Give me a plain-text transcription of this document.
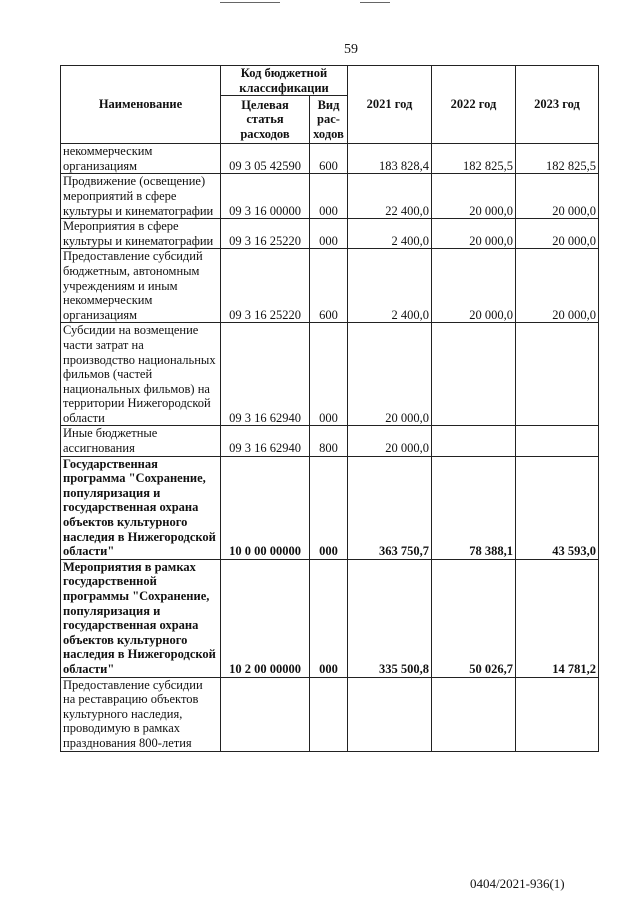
59
Наименование	Код бюджетной классификации		2021 год	2022 год	2023 год
	Целевая статья расходов	Вид рас-ходов			
некоммерческим организациям	09 3 05 42590	600	183 828,4	182 825,5	182 825,5
Продвижение (освещение) мероприятий в сфере культуры и кинематографии	09 3 16 00000	000	22 400,0	20 000,0	20 000,0
Мероприятия в сфере культуры и кинематографии	09 3 16 25220	000	2 400,0	20 000,0	20 000,0
Предоставление субсидий бюджетным, автономным учреждениям и иным некоммерческим организациям	09 3 16 25220	600	2 400,0	20 000,0	20 000,0
Субсидии на возмещение части затрат на производство национальных фильмов (частей национальных фильмов) на территории Нижегородской области	09 3 16 62940	000	20 000,0		
Иные бюджетные ассигнования	09 3 16 62940	800	20 000,0		
Государственная программа "Сохранение, популяризация и государственная охрана объектов культурного наследия в Нижегородской области"	10 0 00 00000	000	363 750,7	78 388,1	43 593,0
Мероприятия в рамках государственной программы "Сохранение, популяризация и государственная охрана объектов культурного наследия в Нижегородской области"	10 2 00 00000	000	335 500,8	50 026,7	14 781,2
Предоставление субсидии на реставрацию объектов культурного наследия, проводимую в рамках празднования 800-летия					
0404/2021-936(1)
